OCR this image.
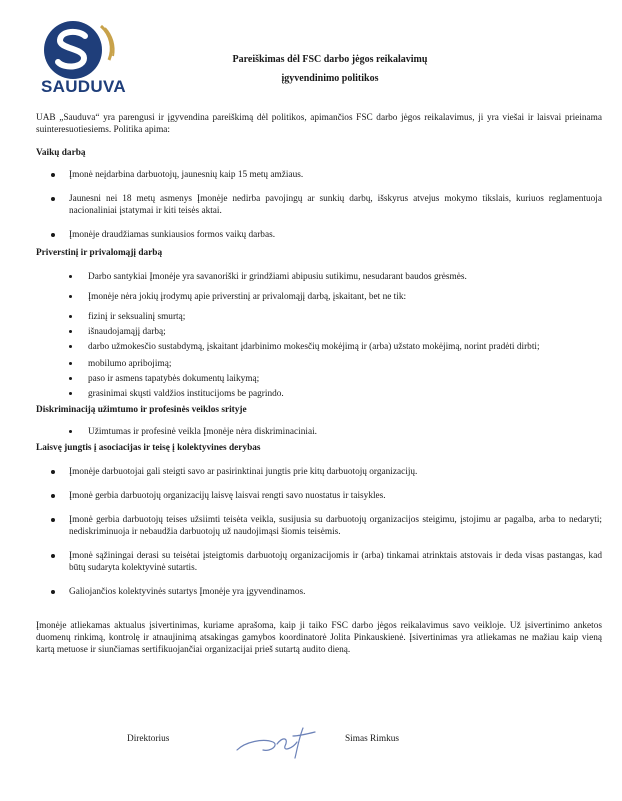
SAUDUVA
Pareiškimas dėl FSC darbo jėgos reikalavimų
įgyvendinimo politikos

UAB „Sauduva“ yra parengusi ir įgyvendina pareiškimą dėl politikos, apimančios FSC darbo jėgos reikalavimus, ji yra viešai ir laisvai prieinama suinteresuotiesiems. Politika apima:

Vaikų darbą

Įmonė neįdarbina darbuotojų, jaunesnių kaip 15 metų amžiaus.
Jaunesni nei 18 metų asmenys Įmonėje nedirba pavojingų ar sunkių darbų, išskyrus atvejus mokymo tikslais, kuriuos reglamentuoja nacionaliniai įstatymai ir kiti teisės aktai.
Įmonėje draudžiamas sunkiausios formos vaikų darbas.

Priverstinį ir privalomąjį darbą

Darbo santykiai Įmonėje yra savanoriški ir grindžiami abipusiu sutikimu, nesudarant baudos grėsmės.
Įmonėje nėra jokių įrodymų apie priverstinį ar privalomąjį darbą, įskaitant, bet ne tik:
fizinį ir seksualinį smurtą;
išnaudojamąjį darbą;
darbo užmokesčio sustabdymą, įskaitant įdarbinimo mokesčių mokėjimą ir (arba) užstato mokėjimą, norint pradėti dirbti;
mobilumo apribojimą;
paso ir asmens tapatybės dokumentų laikymą;
grasinimai skųsti valdžios institucijoms be pagrindo.

Diskriminaciją užimtumo ir profesinės veiklos srityje

Užimtumas ir profesinė veikla Įmonėje nėra diskriminaciniai.

Laisvę jungtis į asociacijas ir teisę į kolektyvines derybas

Įmonėje darbuotojai gali steigti savo ar pasirinktinai jungtis prie kitų darbuotojų organizacijų.
Įmonė gerbia darbuotojų organizacijų laisvę laisvai rengti savo nuostatus ir taisykles.
Įmonė gerbia darbuotojų teises užsiimti teisėta veikla, susijusia su darbuotojų organizacijos steigimu, įstojimu ar pagalba, arba to nedaryti; nediskriminuoja ir nebaudžia darbuotojų už naudojimąsi šiomis teisėmis.
Įmonė sąžiningai derasi su teisėtai įsteigtomis darbuotojų organizacijomis ir (arba) tinkamai atrinktais atstovais ir deda visas pastangas, kad būtų sudaryta kolektyvinė sutartis.
Galiojančios kolektyvinės sutartys Įmonėje yra įgyvendinamos.

Įmonėje atliekamas aktualus įsivertinimas, kuriame aprašoma, kaip ji taiko FSC darbo jėgos reikalavimus savo veikloje. Už įsivertinimo anketos duomenų rinkimą, kontrolę ir atnaujinimą atsakingas gamybos koordinatorė Jolita Pinkauskienė. Įsivertinimas yra atliekamas ne mažiau kaip vieną kartą metuose ir siunčiamas sertifikuojančiai organizacijai prieš sutartą audito dieną.

Direktorius	Simas Rimkus
